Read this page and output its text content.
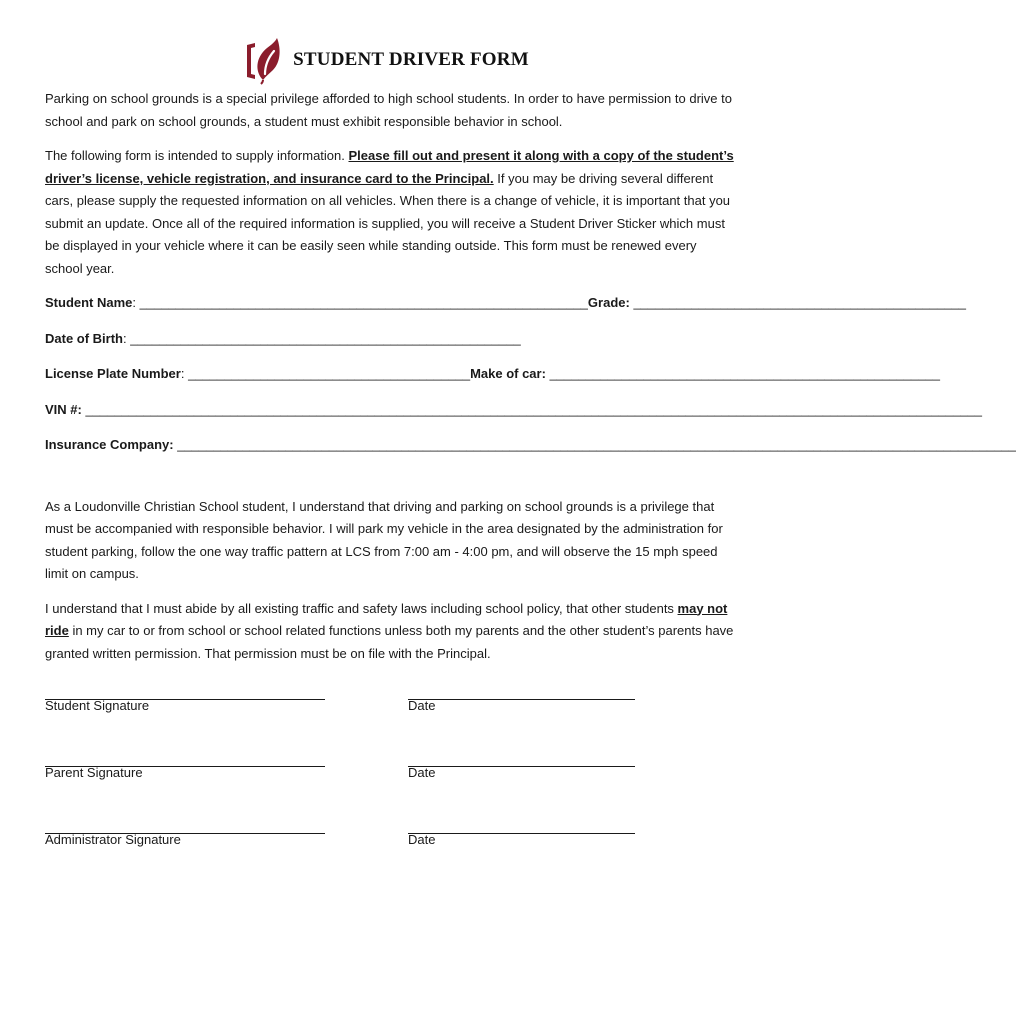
STUDENT DRIVER FORM

Parking on school grounds is a special privilege afforded to high school students. In order to have permission to drive to school and park on school grounds, a student must exhibit responsible behavior in school.

The following form is intended to supply information. Please fill out and present it along with a copy of the student’s driver’s license, vehicle registration, and insurance card to the Principal. If you may be driving several different cars, please supply the requested information on all vehicles. When there is a change of vehicle, it is important that you submit an update. Once all of the required information is supplied, you will receive a Student Driver Sticker which must be displayed in your vehicle where it can be easily seen while standing outside. This form must be renewed every school year.

Student Name :
______________________________________________________________ Grade:
______________________________________________
Date of Birth :
______________________________________________________
License Plate Number :
_______________________________________ Make of car:
______________________________________________________
VIN #:
____________________________________________________________________________________________________________________________
Insurance Company:
____________________________________________________________________________________________________________________

As a Loudonville Christian School student, I understand that driving and parking on school grounds is a privilege that must be accompanied with responsible behavior. I will park my vehicle in the area designated by the administration for student parking, follow the one way traffic pattern at LCS from 7:00 am - 4:00 pm, and will observe the 15 mph speed limit on campus.

I understand that I must abide by all existing traffic and safety laws including school policy, that other students may not ride in my car to or from school or school related functions unless both my parents and the other student’s parents have granted written permission. That permission must be on file with the Principal.

Student Signature	Date
Parent Signature	Date
Administrator Signature	Date
